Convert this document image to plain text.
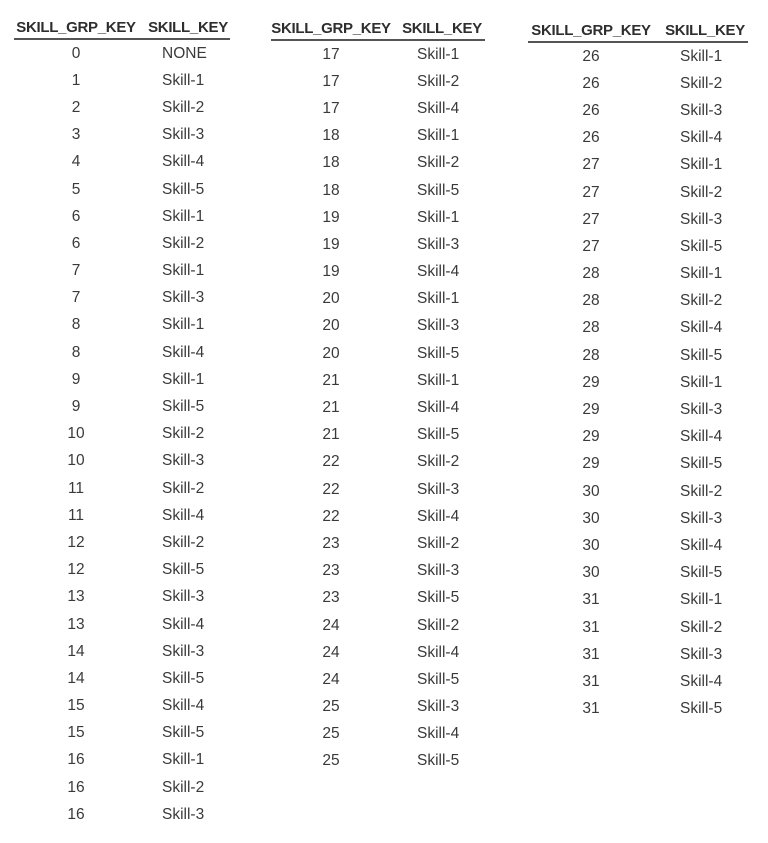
SKILL_GRP_KEY	SKILL_KEY
0	NONE
1	Skill-1
2	Skill-2
3	Skill-3
4	Skill-4
5	Skill-5
6	Skill-1
6	Skill-2
7	Skill-1
7	Skill-3
8	Skill-1
8	Skill-4
9	Skill-1
9	Skill-5
10	Skill-2
10	Skill-3
11	Skill-2
11	Skill-4
12	Skill-2
12	Skill-5
13	Skill-3
13	Skill-4
14	Skill-3
14	Skill-5
15	Skill-4
15	Skill-5
16	Skill-1
16	Skill-2
16	Skill-3
SKILL_GRP_KEY	SKILL_KEY
17	Skill-1
17	Skill-2
17	Skill-4
18	Skill-1
18	Skill-2
18	Skill-5
19	Skill-1
19	Skill-3
19	Skill-4
20	Skill-1
20	Skill-3
20	Skill-5
21	Skill-1
21	Skill-4
21	Skill-5
22	Skill-2
22	Skill-3
22	Skill-4
23	Skill-2
23	Skill-3
23	Skill-5
24	Skill-2
24	Skill-4
24	Skill-5
25	Skill-3
25	Skill-4
25	Skill-5
SKILL_GRP_KEY	SKILL_KEY
26	Skill-1
26	Skill-2
26	Skill-3
26	Skill-4
27	Skill-1
27	Skill-2
27	Skill-3
27	Skill-5
28	Skill-1
28	Skill-2
28	Skill-4
28	Skill-5
29	Skill-1
29	Skill-3
29	Skill-4
29	Skill-5
30	Skill-2
30	Skill-3
30	Skill-4
30	Skill-5
31	Skill-1
31	Skill-2
31	Skill-3
31	Skill-4
31	Skill-5
